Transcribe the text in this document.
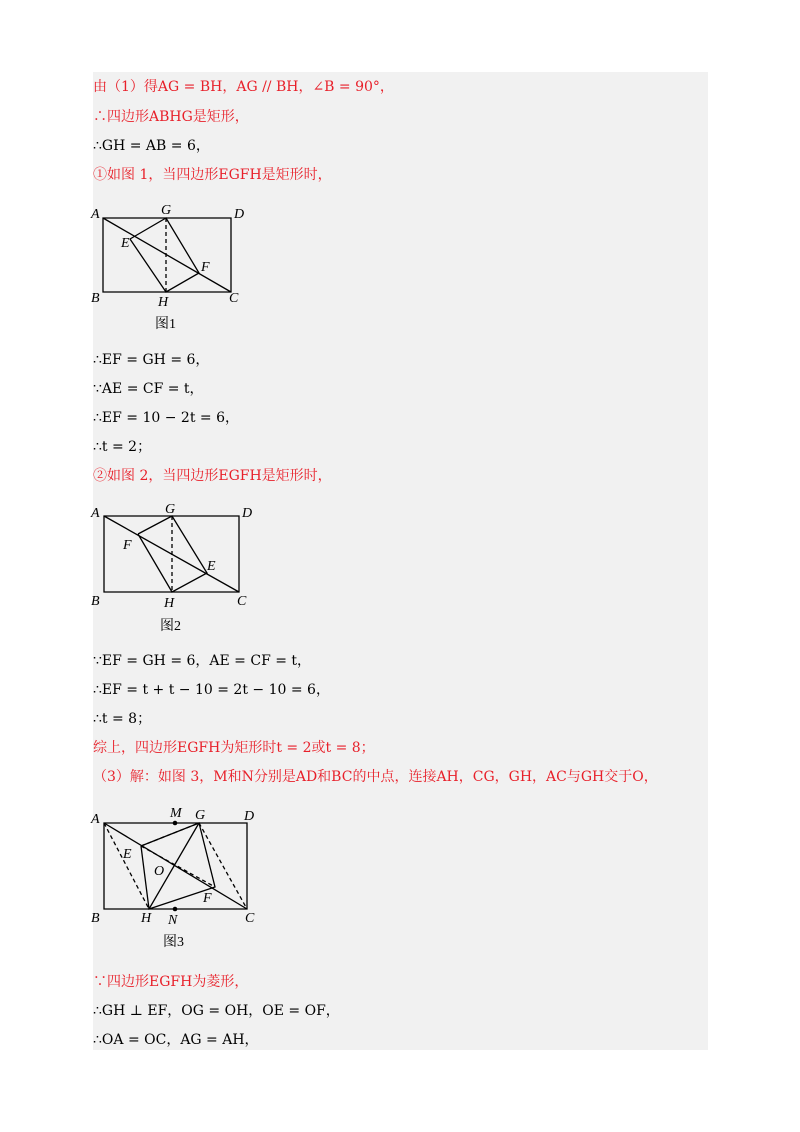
由（1）得AG = BH，AG // BH，∠B = 90°，
∴四边形ABHG是矩形，
∴GH = AB = 6，
①如图 1，当四边形EGFH是矩形时，
A	G	D
E
F
B	H	C
图1
∴EF = GH = 6，
∵AE = CF = t，
∴EF = 10 − 2t = 6，
∴t = 2；
②如图 2，当四边形EGFH是矩形时，
A	G	D
F
E
B	H	C
图2
∵EF = GH = 6，AE = CF = t，
∴EF = t + t − 10 = 2t − 10 = 6，
∴t = 8；
综上，四边形EGFH为矩形时t = 2或t = 8；
（3）解：如图 3，M和N分别是AD和BC的中点，连接AH，CG，GH，AC与GH交于O，
A	M G	D
E
O
F
B	H N	C
图3
∵四边形EGFH为菱形，
∴GH ⊥ EF，OG = OH，OE = OF，
∴OA = OC，AG = AH，
